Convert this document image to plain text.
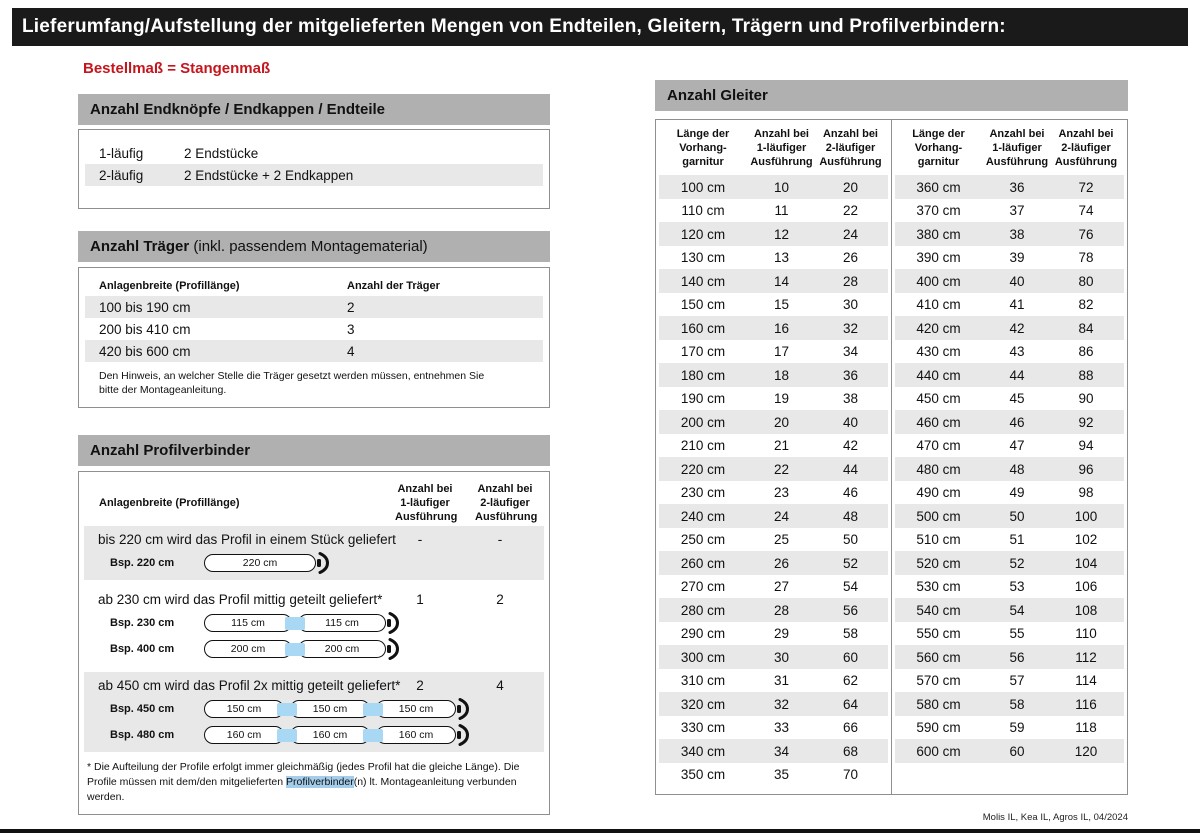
Lieferumfang/Aufstellung der mitgelieferten Mengen von Endteilen, Gleitern, Trägern und Profilverbindern:
Bestellmaß = Stangenmaß
Anzahl Endknöpfe / Endkappen / Endteile
1-läufig	2 Endstücke
2-läufig	2 Endstücke + 2 Endkappen
Anzahl Träger (inkl. passendem Montagematerial)
Anlagenbreite (Profillänge)	Anzahl der Träger
100 bis 190 cm	2
200 bis 410 cm	3
420 bis 600 cm	4
Den Hinweis, an welcher Stelle die Träger gesetzt werden müssen, entnehmen Sie bitte der Montageanleitung.
Anzahl Profilverbinder
Anlagenbreite (Profillänge)
Anzahl bei
1-läufiger
Ausführung
Anzahl bei
2-läufiger
Ausführung
bis 220 cm wird das Profil in einem Stück geliefert	-	-
Bsp. 220 cm	220 cm
ab 230 cm wird das Profil mittig geteilt geliefert*	1	2
Bsp. 230 cm	115 cm	115 cm
Bsp. 400 cm	200 cm	200 cm
ab 450 cm wird das Profil 2x mittig geteilt geliefert*	2	4
Bsp. 450 cm	150 cm	150 cm	150 cm
Bsp. 480 cm	160 cm	160 cm	160 cm
* Die Aufteilung der Profile erfolgt immer gleichmäßig (jedes Profil hat die gleiche Länge). Die Profile müssen mit dem/den mitgelieferten Profilverbinder(n) lt. Montageanleitung verbunden werden.
Anzahl Gleiter
Länge der
Vorhang-
garnitur
Anzahl bei
1-läufiger
Ausführung
Anzahl bei
2-läufiger
Ausführung
100 cm	10	20
110 cm	11	22
120 cm	12	24
130 cm	13	26
140 cm	14	28
150 cm	15	30
160 cm	16	32
170 cm	17	34
180 cm	18	36
190 cm	19	38
200 cm	20	40
210 cm	21	42
220 cm	22	44
230 cm	23	46
240 cm	24	48
250 cm	25	50
260 cm	26	52
270 cm	27	54
280 cm	28	56
290 cm	29	58
300 cm	30	60
310 cm	31	62
320 cm	32	64
330 cm	33	66
340 cm	34	68
350 cm	35	70
Länge der
Vorhang-
garnitur
Anzahl bei
1-läufiger
Ausführung
Anzahl bei
2-läufiger
Ausführung
360 cm	36	72
370 cm	37	74
380 cm	38	76
390 cm	39	78
400 cm	40	80
410 cm	41	82
420 cm	42	84
430 cm	43	86
440 cm	44	88
450 cm	45	90
460 cm	46	92
470 cm	47	94
480 cm	48	96
490 cm	49	98
500 cm	50	100
510 cm	51	102
520 cm	52	104
530 cm	53	106
540 cm	54	108
550 cm	55	110
560 cm	56	112
570 cm	57	114
580 cm	58	116
590 cm	59	118
600 cm	60	120
Molis IL, Kea IL, Agros IL, 04/2024
